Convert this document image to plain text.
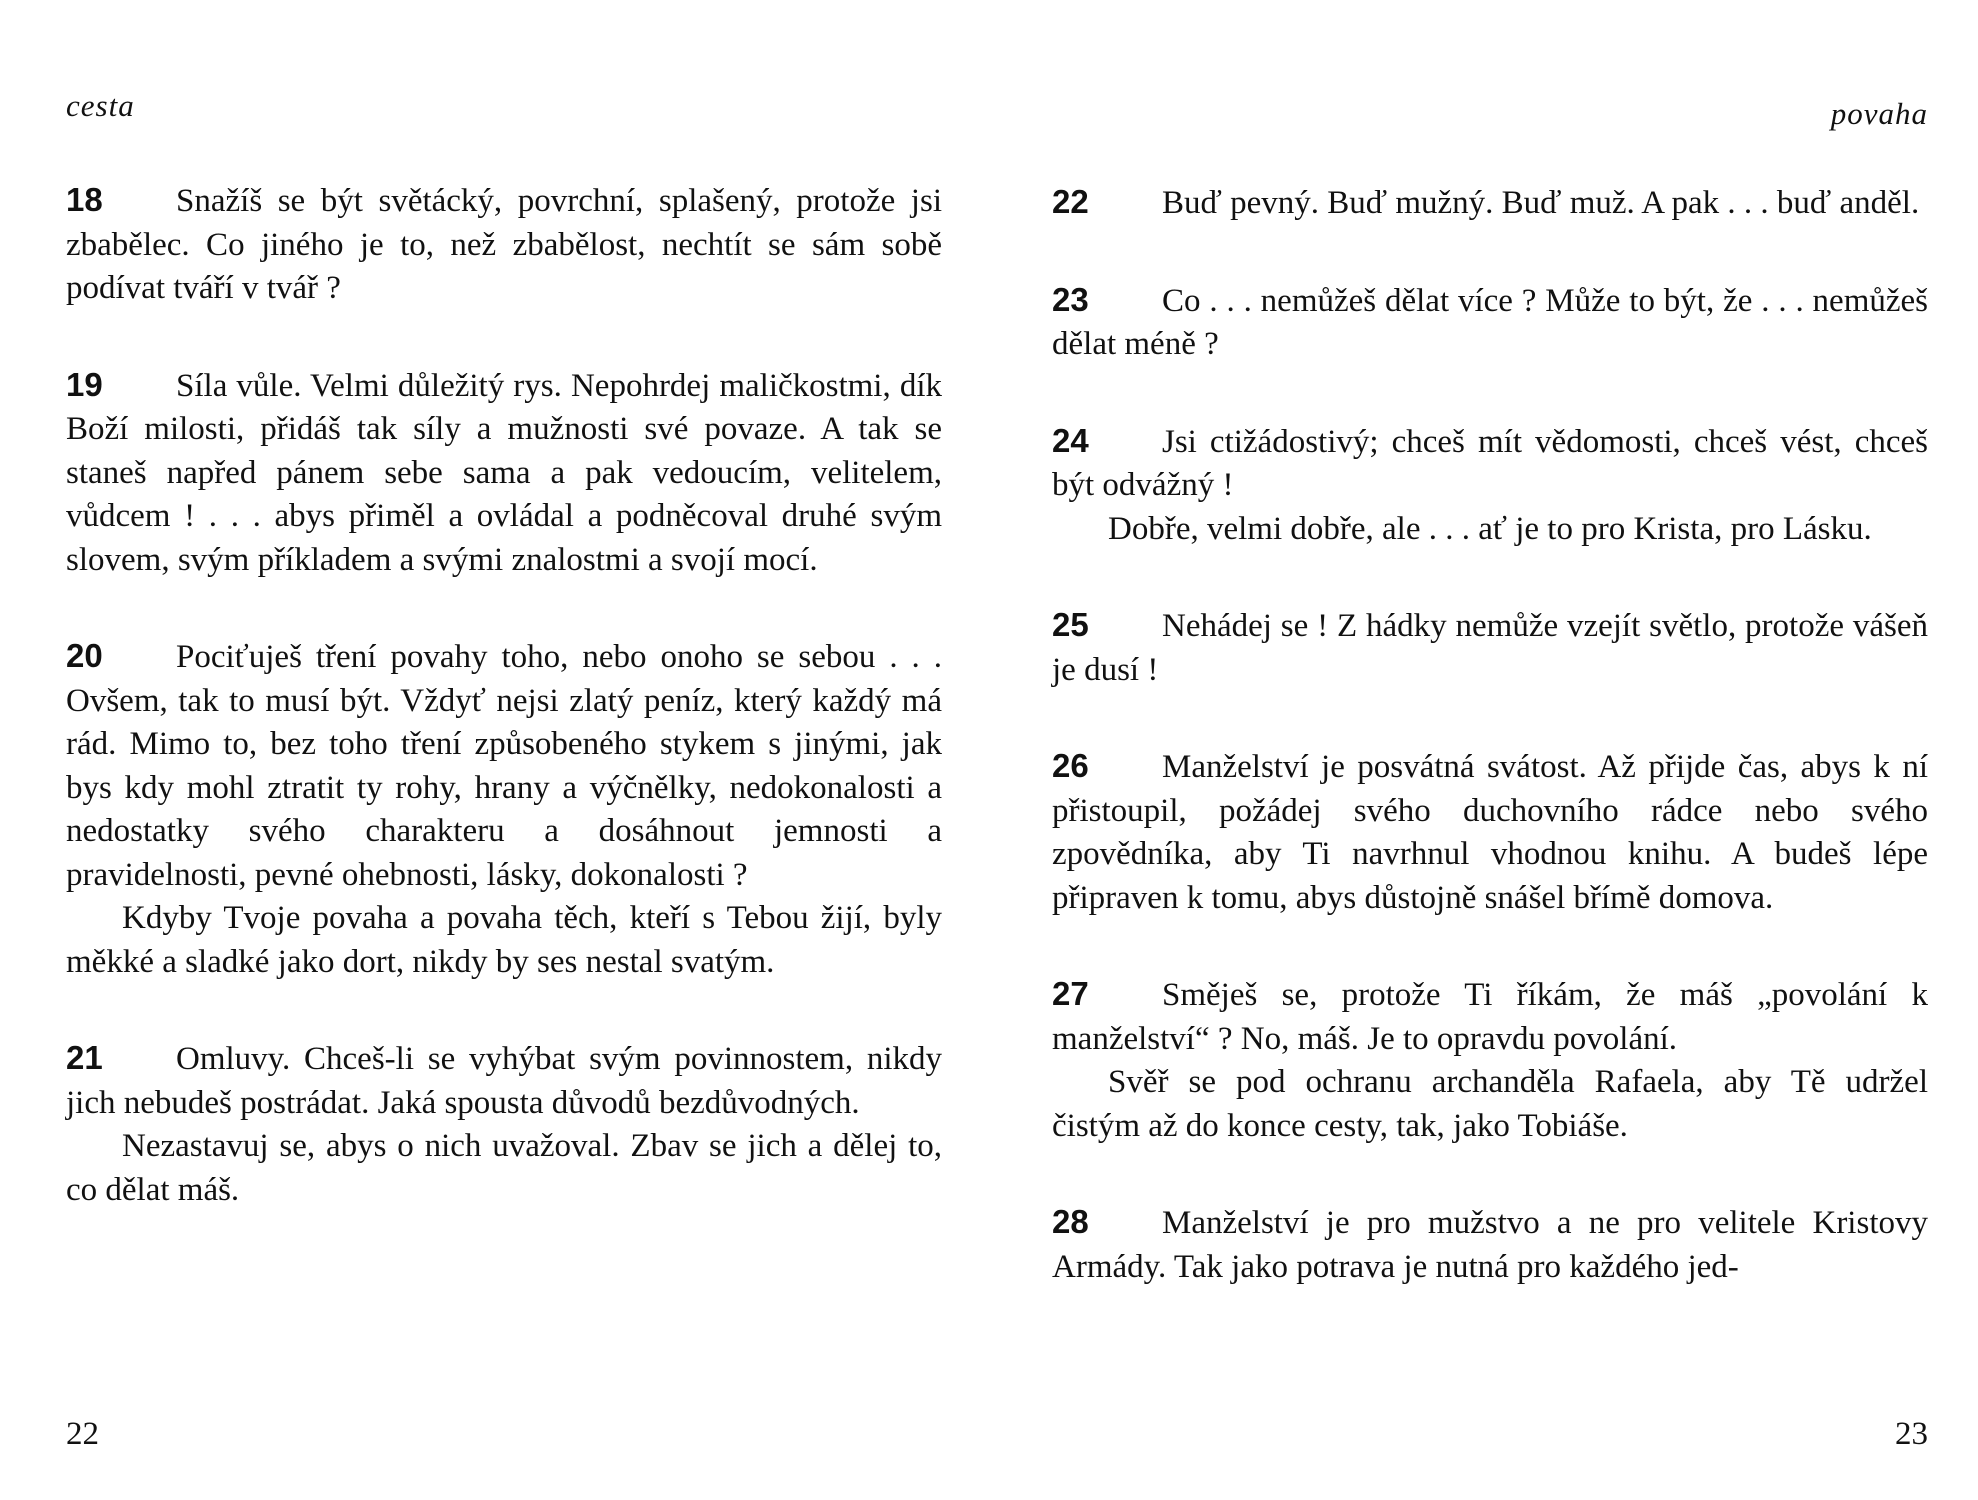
cesta

18 Snažíš se být světácký, povrchní, splašený, protože jsi zbabělec. Co jiného je to, než zbabělost, nechtít se sám sobě podívat tváří v tvář ?

19 Síla vůle. Velmi důležitý rys. Nepohrdej maličkostmi, dík Boží milosti, přidáš tak síly a mužnosti své povaze. A tak se staneš napřed pánem sebe sama a pak vedoucím, velitelem, vůdcem ! . . . abys přiměl a ovládal a podněcoval druhé svým slovem, svým příkladem a svými znalostmi a svojí mocí.

20 Pociťuješ tření povahy toho, nebo onoho se sebou . . . Ovšem, tak to musí být. Vždyť nejsi zlatý peníz, který každý má rád. Mimo to, bez toho tření způsobeného stykem s jinými, jak bys kdy mohl ztratit ty rohy, hrany a výčnělky, nedokonalosti a nedostatky svého charakteru a dosáhnout jemnosti a pravidelnosti, pevné ohebnosti, lásky, dokonalosti ?
Kdyby Tvoje povaha a povaha těch, kteří s Tebou žijí, byly měkké a sladké jako dort, nikdy by ses nestal svatým.

21 Omluvy. Chceš-li se vyhýbat svým povinnostem, nikdy jich nebudeš postrádat. Jaká spousta důvodů bezdůvodných.
Nezastavuj se, abys o nich uvažoval. Zbav se jich a dělej to, co dělat máš.

22
povaha

22 Buď pevný. Buď mužný. Buď muž. A pak . . . buď anděl.

23 Co . . . nemůžeš dělat více ? Může to být, že . . . nemůžeš dělat méně ?

24 Jsi ctižádostivý; chceš mít vědomosti, chceš vést, chceš být odvážný !
Dobře, velmi dobře, ale . . . ať je to pro Krista, pro Lásku.

25 Nehádej se ! Z hádky nemůže vzejít světlo, protože vášeň je dusí !

26 Manželství je posvátná svátost. Až přijde čas, abys k ní přistoupil, požádej svého duchovního rádce nebo svého zpovědníka, aby Ti navrhnul vhodnou knihu. A budeš lépe připraven k tomu, abys důstojně snášel břímě domova.

27 Směješ se, protože Ti říkám, že máš „povolání k manželství“ ? No, máš. Je to opravdu povolání.
Svěř se pod ochranu archanděla Rafaela, aby Tě udržel čistým až do konce cesty, tak, jako Tobiáše.

28 Manželství je pro mužstvo a ne pro velitele Kristovy Armády. Tak jako potrava je nutná pro každého jed-

23
